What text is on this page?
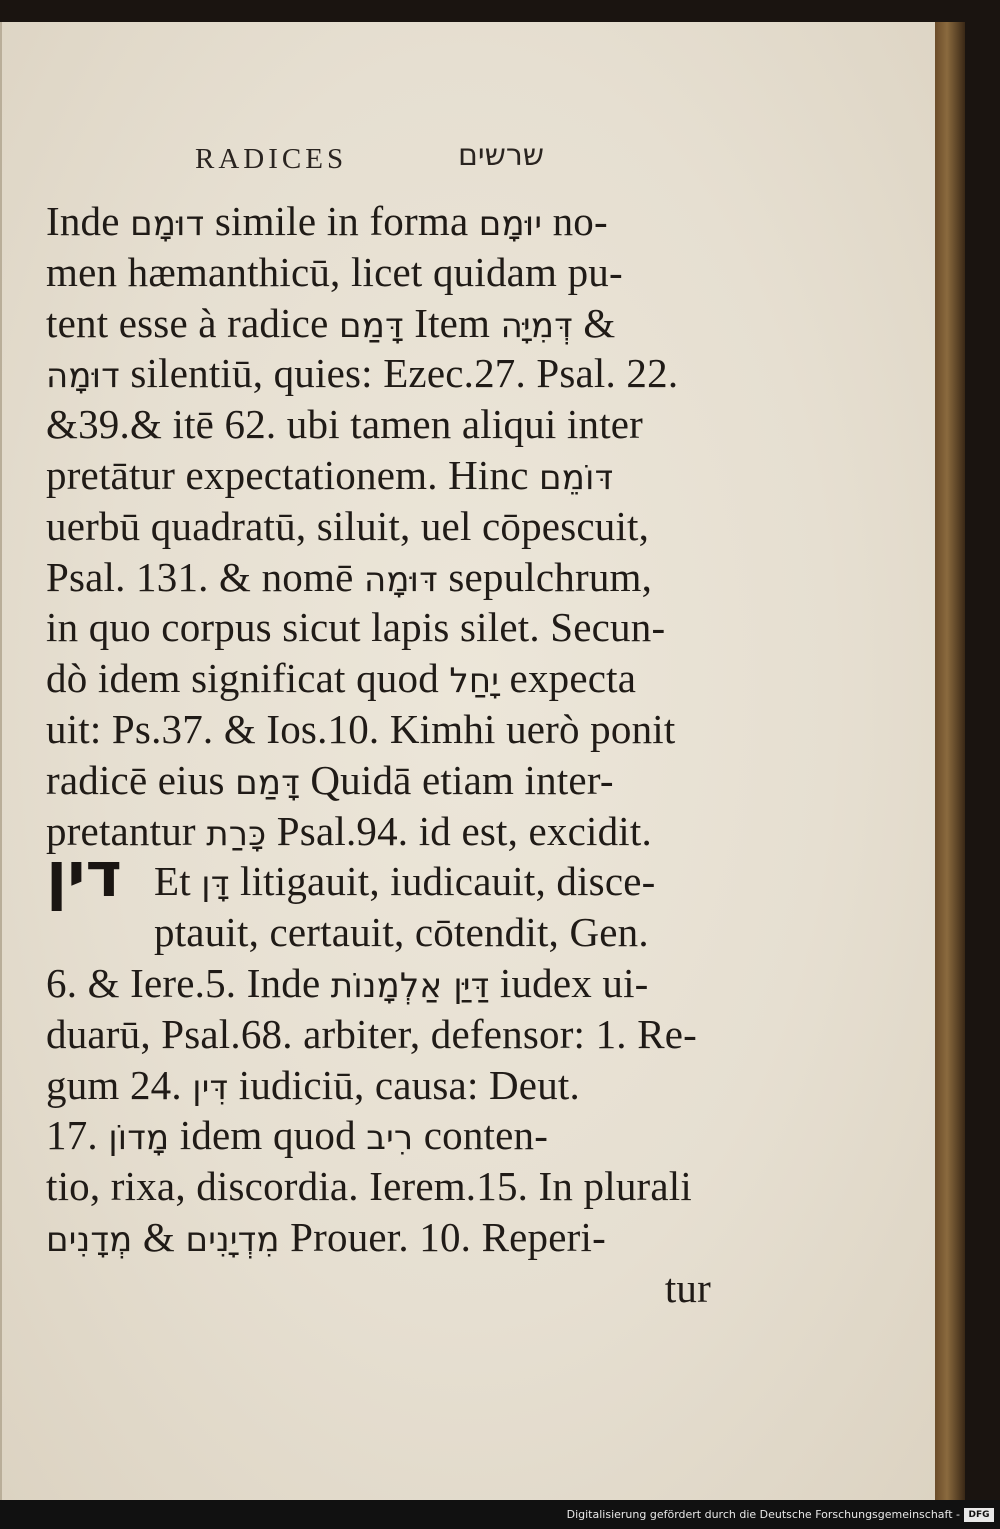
RADICES	שרשים
דין
Inde דוּמָם simile in forma יוּמָם no-
men hæmanthicū, licet quidam pu-
tent esse à radice דָּמַם Item דְּמִיָּה &
דוּמָה silentiū, quies: Ezec.27. Psal. 22.
&39.& itē 62. ubi tamen aliqui inter
pretātur expectationem. Hinc דּוֹמֵם
uerbū quadratū, siluit, uel cōpescuit,
Psal. 131. & nomē דּוּמָה sepulchrum,
in quo corpus sicut lapis silet. Secun-
dò idem significat quod יָחַל expecta
uit: Ps.37. & Ios.10. Kimhi uerò ponit
radicē eius דָּמַם Quidā etiam inter-
pretantur כָּרַת Psal.94. id est, excidit.
Et דָּן litigauit, iudicauit, disce-
ptauit, certauit, cōtendit, Gen.
6. & Iere.5. Inde דַּיַּן אַלְמָנוֹת iudex ui-
duarū, Psal.68. arbiter, defensor: 1. Re-
gum 24. דִּין iudiciū, causa: Deut.
17. מָדוֹן idem quod רִיב conten-
tio, rixa, discordia. Ierem.15. In plurali
מְדָנִים & מִדְיָנִים Prouer. 10. Reperi-
tur
Digitalisierung gefördert durch die Deutsche Forschungsgemeinschaft - DFG
